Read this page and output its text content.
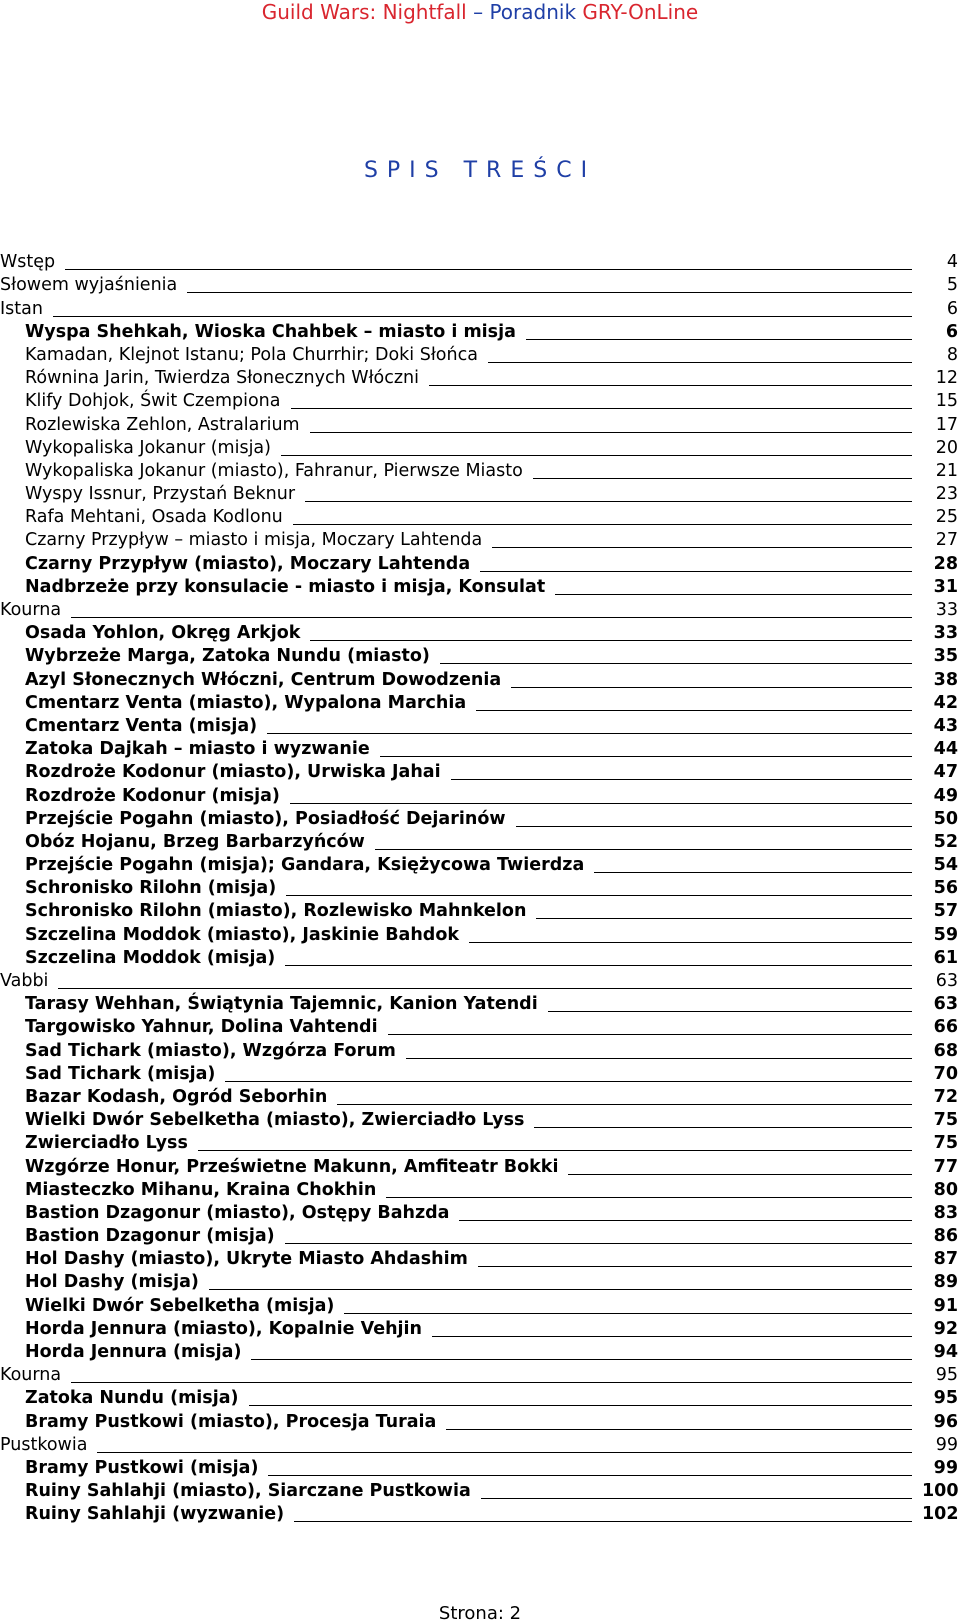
Guild Wars: Nightfall – Poradnik GRY-OnLine
SPIS TREŚCI
Wstęp	4
Słowem wyjaśnienia	5
Istan	6
Wyspa Shehkah, Wioska Chahbek – miasto i misja	6
Kamadan, Klejnot Istanu; Pola Churrhir; Doki Słońca	8
Równina Jarin, Twierdza Słonecznych Włóczni	12
Klify Dohjok, Świt Czempiona	15
Rozlewiska Zehlon, Astralarium	17
Wykopaliska Jokanur (misja)	20
Wykopaliska Jokanur (miasto), Fahranur, Pierwsze Miasto	21
Wyspy Issnur, Przystań Beknur	23
Rafa Mehtani, Osada Kodlonu	25
Czarny Przypływ – miasto i misja, Moczary Lahtenda	27
Czarny Przypływ (miasto), Moczary Lahtenda	28
Nadbrzeże przy konsulacie - miasto i misja, Konsulat	31
Kourna	33
Osada Yohlon, Okręg Arkjok	33
Wybrzeże Marga, Zatoka Nundu (miasto)	35
Azyl Słonecznych Włóczni, Centrum Dowodzenia	38
Cmentarz Venta (miasto), Wypalona Marchia	42
Cmentarz Venta (misja)	43
Zatoka Dajkah – miasto i wyzwanie	44
Rozdroże Kodonur (miasto), Urwiska Jahai	47
Rozdroże Kodonur (misja)	49
Przejście Pogahn (miasto), Posiadłość Dejarinów	50
Obóz Hojanu, Brzeg Barbarzyńców	52
Przejście Pogahn (misja); Gandara, Księżycowa Twierdza	54
Schronisko Rilohn (misja)	56
Schronisko Rilohn (miasto), Rozlewisko Mahnkelon	57
Szczelina Moddok (miasto), Jaskinie Bahdok	59
Szczelina Moddok (misja)	61
Vabbi	63
Tarasy Wehhan, Świątynia Tajemnic, Kanion Yatendi	63
Targowisko Yahnur, Dolina Vahtendi	66
Sad Tichark (miasto), Wzgórza Forum	68
Sad Tichark (misja)	70
Bazar Kodash, Ogród Seborhin	72
Wielki Dwór Sebelketha (miasto), Zwierciadło Lyss	75
Zwierciadło Lyss	75
Wzgórze Honur, Prześwietne Makunn, Amfiteatr Bokki	77
Miasteczko Mihanu, Kraina Chokhin	80
Bastion Dzagonur (miasto), Ostępy Bahzda	83
Bastion Dzagonur (misja)	86
Hol Dashy (miasto), Ukryte Miasto Ahdashim	87
Hol Dashy (misja)	89
Wielki Dwór Sebelketha (misja)	91
Horda Jennura (miasto), Kopalnie Vehjin	92
Horda Jennura (misja)	94
Kourna	95
Zatoka Nundu (misja)	95
Bramy Pustkowi (miasto), Procesja Turaia	96
Pustkowia	99
Bramy Pustkowi (misja)	99
Ruiny Sahlahji (miasto), Siarczane Pustkowia	100
Ruiny Sahlahji (wyzwanie)	102
Strona: 2
